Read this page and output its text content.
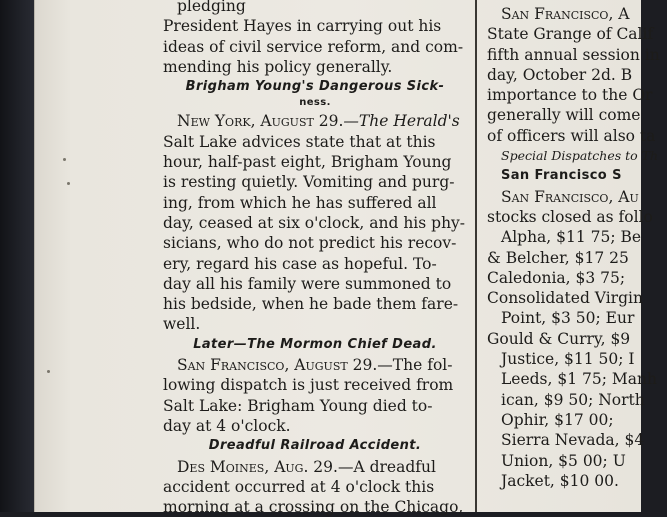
pledging
President Hayes in carrying out his
ideas of civil service reform, and com-
mending his policy generally.
Brigham Young's Dangerous Sick-
ness.
New York, August 29.—The Herald's
Salt Lake advices state that at this
hour, half-past eight, Brigham Young
is resting quietly. Vomiting and purg-
ing, from which he has suffered all
day, ceased at six o'clock, and his phy-
sicians, who do not predict his recov-
ery, regard his case as hopeful. To-
day all his family were summoned to
his bedside, when he bade them fare-
well.
Later—The Mormon Chief Dead.
San Francisco, August 29.—The fol-
lowing dispatch is just received from
Salt Lake: Brigham Young died to-
day at 4 o'clock.
Dreadful Railroad Accident.
Des Moines, Aug. 29.—A dreadful
accident occurred at 4 o'clock this
morning at a crossing on the Chicago,
San Francisco, A
State Grange of Calif
fifth annual session in
day, October 2d. B
importance to the Or
generally will come
of officers will also ta
Special Dispatches to Th
San Francisco S
San Francisco, Au
stocks closed as follo
Alpha, $11 75; Be
& Belcher, $17 25
Caledonia, $3 75;
Consolidated Virgin
Point, $3 50; Eur
Gould & Curry, $9
Justice, $11 50; I
Leeds, $1 75; Manh
ican, $9 50; North
Ophir, $17 00;
Sierra Nevada, $4
Union, $5 00; U
Jacket, $10 00.
